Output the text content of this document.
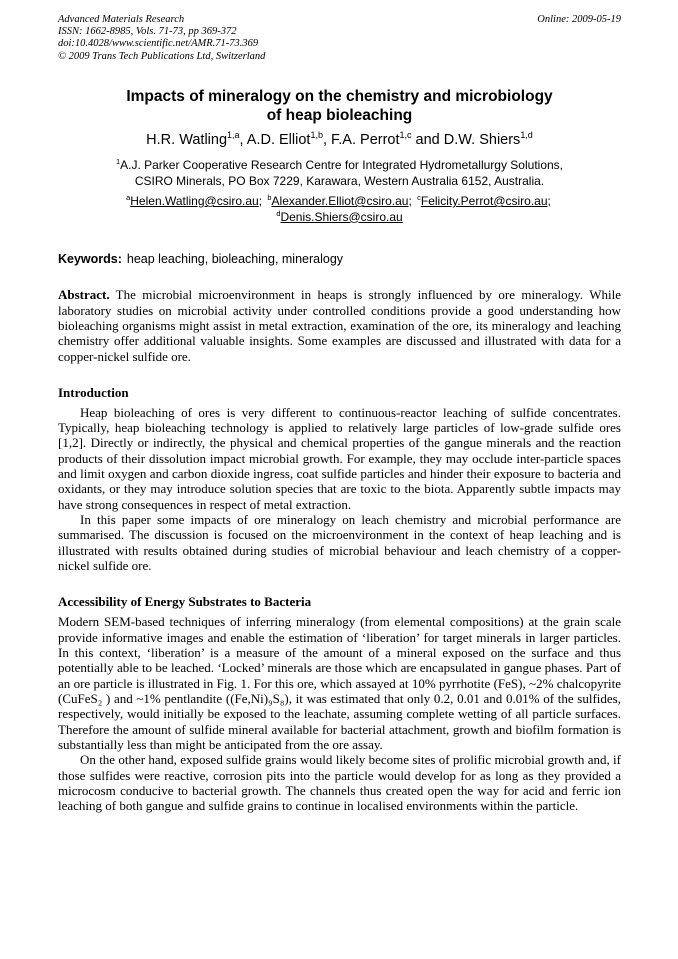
Advanced Materials Research
ISSN: 1662-8985, Vols. 71-73, pp 369-372
doi:10.4028/www.scientific.net/AMR.71-73.369
© 2009 Trans Tech Publications Ltd, Switzerland
Online: 2009-05-19
Impacts of mineralogy on the chemistry and microbiology of heap bioleaching
H.R. Watling$^{1,a}$, A.D. Elliot$^{1,b}$, F.A. Perrot$^{1,c}$ and D.W. Shiers$^{1,d}$
$^1$A.J. Parker Cooperative Research Centre for Integrated Hydrometallurgy Solutions, CSIRO Minerals, PO Box 7229, Karawara, Western Australia 6152, Australia.
$^a$Helen.Watling@csiro.au; $^b$Alexander.Elliot@csiro.au; $^c$Felicity.Perrot@csiro.au; $^d$Denis.Shiers@csiro.au
Keywords: heap leaching, bioleaching, mineralogy
Abstract. The microbial microenvironment in heaps is strongly influenced by ore mineralogy. While laboratory studies on microbial activity under controlled conditions provide a good understanding how bioleaching organisms might assist in metal extraction, examination of the ore, its mineralogy and leaching chemistry offer additional valuable insights. Some examples are discussed and illustrated with data for a copper-nickel sulfide ore.
Introduction

Heap bioleaching of ores is very different to continuous-reactor leaching of sulfide concentrates. Typically, heap bioleaching technology is applied to relatively large particles of low-grade sulfide ores [1,2]. Directly or indirectly, the physical and chemical properties of the gangue minerals and the reaction products of their dissolution impact microbial growth. For example, they may occlude inter-particle spaces and limit oxygen and carbon dioxide ingress, coat sulfide particles and hinder their exposure to bacteria and oxidants, or they may introduce solution species that are toxic to the biota. Apparently subtle impacts may have strong consequences in respect of metal extraction.

In this paper some impacts of ore mineralogy on leach chemistry and microbial performance are summarised. The discussion is focused on the microenvironment in the context of heap leaching and is illustrated with results obtained during studies of microbial behaviour and leach chemistry of a copper-nickel sulfide ore.

Accessibility of Energy Substrates to Bacteria

Modern SEM-based techniques of inferring mineralogy (from elemental compositions) at the grain scale provide informative images and enable the estimation of ‘liberation’ for target minerals in larger particles. In this context, ‘liberation’ is a measure of the amount of a mineral exposed on the surface and thus potentially able to be leached. ‘Locked’ minerals are those which are encapsulated in gangue phases. Part of an ore particle is illustrated in Fig. 1. For this ore, which assayed at 10% pyrrhotite (FeS), ~2% chalcopyrite (CuFeS₂ ) and ~1% pentlandite ((Fe,Ni)₉S₈), it was estimated that only 0.2, 0.01 and 0.01% of the sulfides, respectively, would initially be exposed to the leachate, assuming complete wetting of all particle surfaces. Therefore the amount of sulfide mineral available for bacterial attachment, growth and biofilm formation is substantially less than might be anticipated from the ore assay.

On the other hand, exposed sulfide grains would likely become sites of prolific microbial growth and, if those sulfides were reactive, corrosion pits into the particle would develop for as long as they provided a microcosm conducive to bacterial growth. The channels thus created open the way for acid and ferric ion leaching of both gangue and sulfide grains to continue in localised environments within the particle.
